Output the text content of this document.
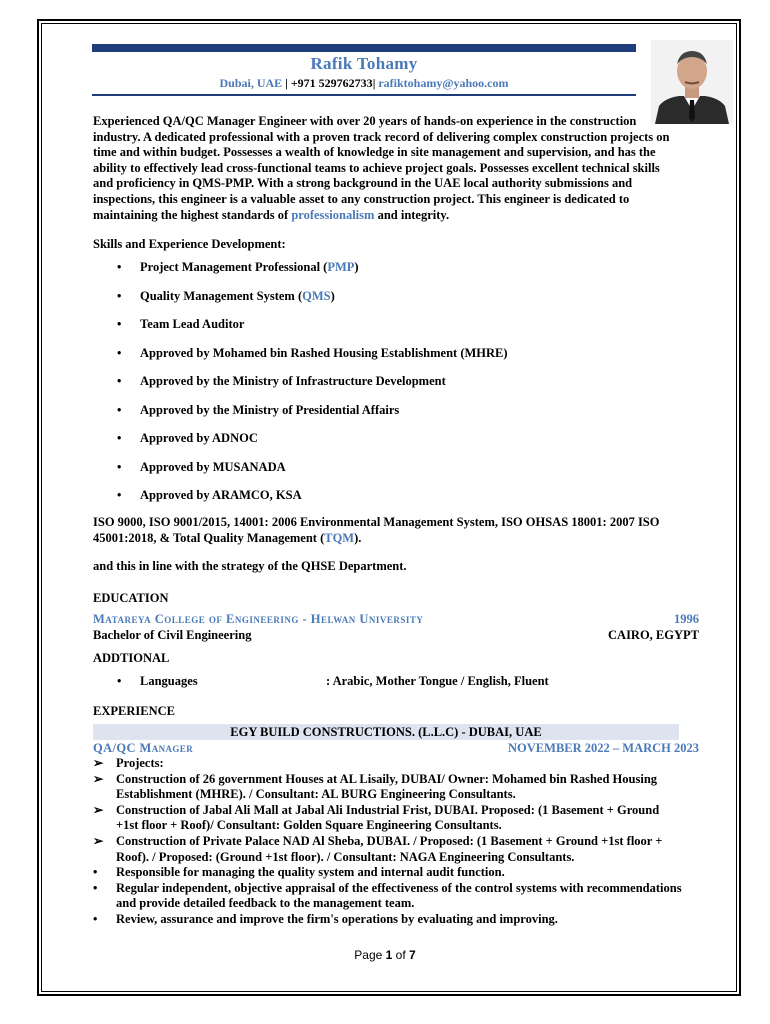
Rafik Tohamy
Dubai, UAE | +971 529762733| rafiktohamy@yahoo.com
Experienced QA/QC Manager Engineer with over 20 years of hands-on experience in the construction industry. A dedicated professional with a proven track record of delivering complex construction projects on time and within budget. Possesses a wealth of knowledge in site management and supervision, and has the ability to effectively lead cross-functional teams to achieve project goals. Possesses excellent technical skills and proficiency in QMS-PMP. With a strong background in the UAE local authority submissions and inspections, this engineer is a valuable asset to any construction project. This engineer is dedicated to maintaining the highest standards of professionalism and integrity.
Skills and Experience Development:
• Project Management Professional (PMP)
• Quality Management System (QMS)
• Team Lead Auditor
• Approved by Mohamed bin Rashed Housing Establishment (MHRE)
• Approved by the Ministry of Infrastructure Development
• Approved by the Ministry of Presidential Affairs
• Approved by ADNOC
• Approved by MUSANADA
• Approved by ARAMCO, KSA
ISO 9000, ISO 9001/2015, 14001: 2006 Environmental Management System, ISO OHSAS 18001: 2007 ISO 45001:2018, & Total Quality Management (TQM).
and this in line with the strategy of the QHSE Department.
EDUCATION
Matareya College of Engineering - Helwan University	1996
Bachelor of Civil Engineering	CAIRO, EGYPT
ADDTIONAL
• Languages	: Arabic, Mother Tongue / English, Fluent
EXPERIENCE
EGY BUILD CONSTRUCTIONS. (L.L.C) - DUBAI, UAE
QA/QC Manager	NOVEMBER 2022 – MARCH 2023
➢ Projects:
➢ Construction of 26 government Houses at AL Lisaily, DUBAI/ Owner: Mohamed bin Rashed Housing Establishment (MHRE). / Consultant: AL BURG Engineering Consultants.
➢ Construction of Jabal Ali Mall at Jabal Ali Industrial Frist, DUBAI. Proposed: (1 Basement + Ground +1st floor + Roof)/ Consultant: Golden Square Engineering Consultants.
➢ Construction of Private Palace NAD Al Sheba, DUBAI. / Proposed: (1 Basement + Ground +1st floor + Roof). / Proposed: (Ground +1st floor). / Consultant: NAGA Engineering Consultants.
• Responsible for managing the quality system and internal audit function.
• Regular independent, objective appraisal of the effectiveness of the control systems with recommendations and provide detailed feedback to the management team.
• Review, assurance and improve the firm's operations by evaluating and improving.
Page 1 of 7
